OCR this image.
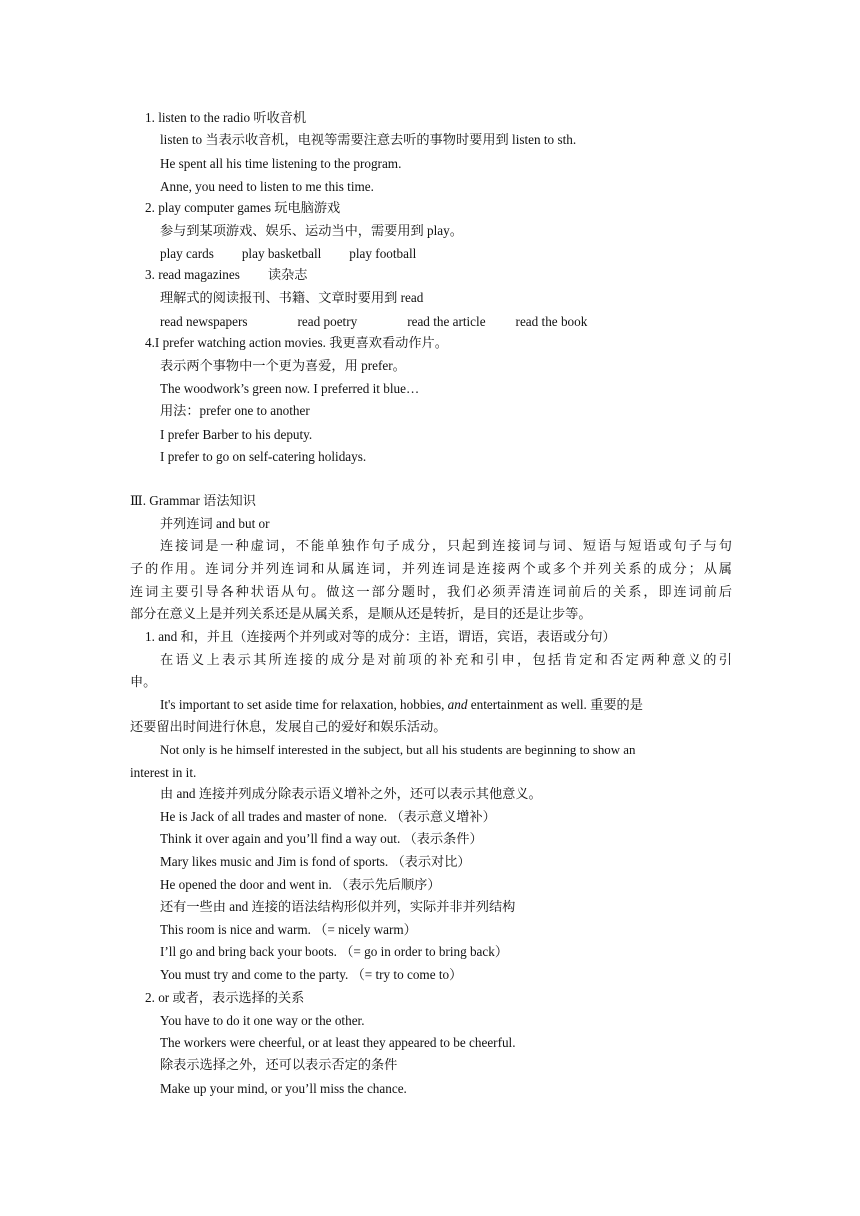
1. listen to the radio 听收音机
listen to 当表示收音机，电视等需要注意去听的事物时要用到 listen to sth.
He spent all his time listening to the program.
Anne, you need to listen to me this time.
2. play computer games 玩电脑游戏
参与到某项游戏、娱乐、运动当中，需要用到 play。
play cards play basketball play football
3. read magazines 读杂志
理解式的阅读报刊、书籍、文章时要用到 read
read newspapers	read poetry	read the article read the book
4.I prefer watching action movies. 我更喜欢看动作片。
表示两个事物中一个更为喜爱，用 prefer。
The woodwork’s green now. I preferred it blue…
用法：prefer one to another
I prefer Barber to his deputy.
I prefer to go on self-catering holidays.
Ⅲ. Grammar 语法知识
并列连词 and but or
连接词是一种虚词，不能单独作句子成分，只起到连接词与词、短语与短语或句子与句
子的作用。连词分并列连词和从属连词，并列连词是连接两个或多个并列关系的成分；从属
连词主要引导各种状语从句。做这一部分题时，我们必须弄清连词前后的关系，即连词前后
部分在意义上是并列关系还是从属关系，是顺从还是转折，是目的还是让步等。
1. and 和，并且（连接两个并列或对等的成分：主语，谓语，宾语，表语或分句）
在语义上表示其所连接的成分是对前项的补充和引申，包括肯定和否定两种意义的引
申。
It's important to set aside time for relaxation, hobbies, and entertainment as well. 重要的是
还要留出时间进行休息，发展自己的爱好和娱乐活动。
Not only is he himself interested in the subject, but all his students are beginning to show an
interest in it.
由 and 连接并列成分除表示语义增补之外，还可以表示其他意义。
He is Jack of all trades and master of none. （表示意义增补）
Think it over again and you’ll find a way out. （表示条件）
Mary likes music and Jim is fond of sports. （表示对比）
He opened the door and went in. （表示先后顺序）
还有一些由 and 连接的语法结构形似并列，实际并非并列结构
This room is nice and warm. （= nicely warm）
I’ll go and bring back your boots. （= go in order to bring back）
You must try and come to the party. （= try to come to）
2. or 或者，表示选择的关系
You have to do it one way or the other.
The workers were cheerful, or at least they appeared to be cheerful.
除表示选择之外，还可以表示否定的条件
Make up your mind, or you’ll miss the chance.
